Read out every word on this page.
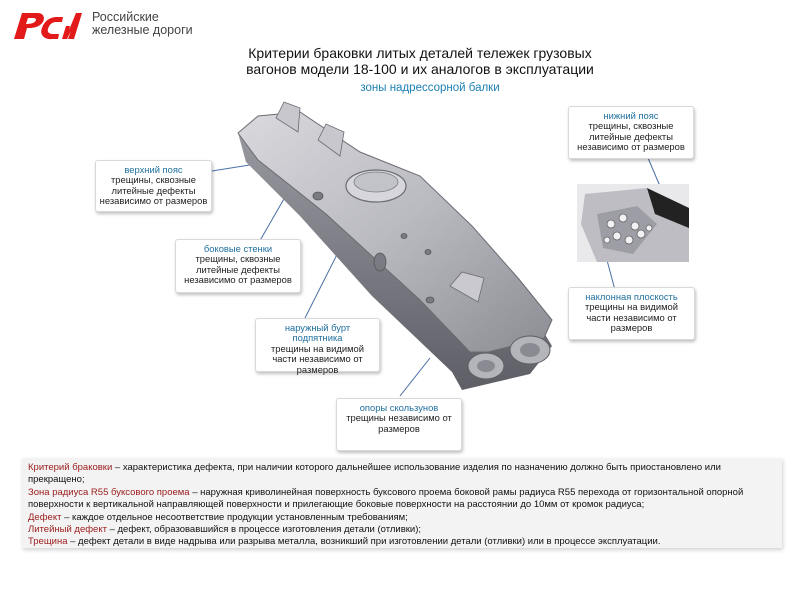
Российские
железные дороги
Критерии браковки литых деталей тележек грузовых
вагонов модели 18-100 и их аналогов в эксплуатации
зоны надрессорной балки
верхний пояс
трещины, сквозные литейные дефекты независимо от размеров
боковые стенки
трещины, сквозные литейные дефекты независимо от размеров
наружный бурт подпятника
трещины на видимой части независимо от размеров
опоры скользунов
трещины независимо от размеров
нижний пояс
трещины, сквозные литейные дефекты независимо от размеров
наклонная плоскость
трещины на видимой части независимо от размеров

Критерий браковки – характеристика дефекта, при наличии которого дальнейшее использование изделия по назначению должно быть приостановлено или прекращено;

Зона радиуса R55 буксового проема – наружная криволинейная поверхность буксового проема боковой рамы радиуса R55 перехода от горизонтальной опорной поверхности к вертикальной направляющей поверхности и прилегающие боковые поверхности на расстоянии до 10мм от кромок радиуса;

Дефект – каждое отдельное несоответствие продукции установленным требованиям;

Литейный дефект – дефект, образовавшийся в процессе изготовления детали (отливки);

Трещина – дефект детали в виде надрыва или разрыва металла, возникший при изготовлении детали (отливки) или в процессе эксплуатации.
